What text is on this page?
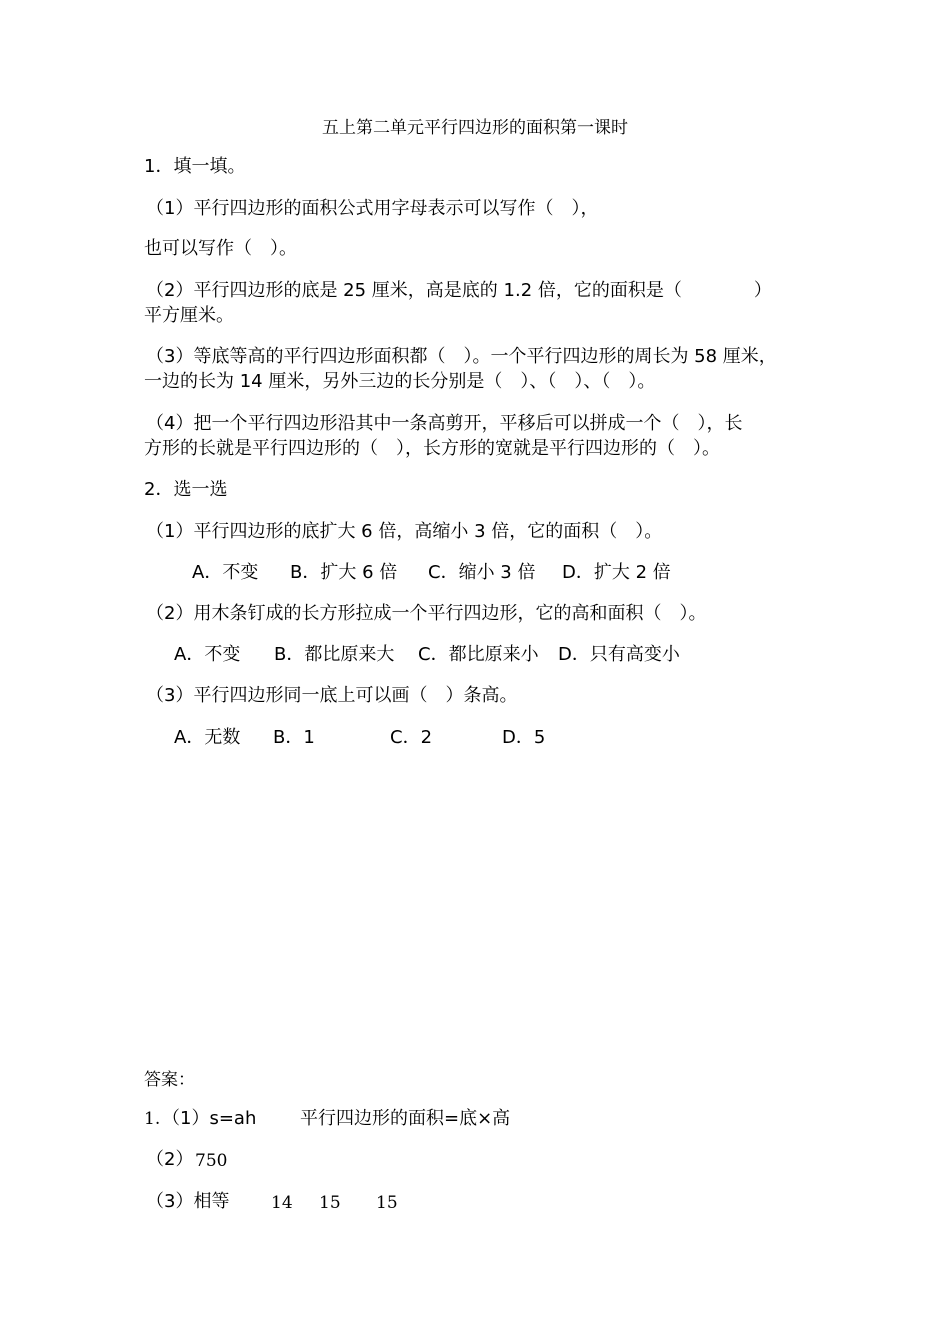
五上第二单元平行四边形的面积第一课时
1．填一填。
（1）平行四边形的面积公式用字母表示可以写作（　），
也可以写作（　）。
（2）平行四边形的底是 25 厘米，高是底的 1.2 倍，它的面积是（　　　　）
平方厘米。
（3）等底等高的平行四边形面积都（　）。一个平行四边形的周长为 58 厘米，
一边的长为 14 厘米，另外三边的长分别是（　）、（　）、（　）。
（4）把一个平行四边形沿其中一条高剪开，平移后可以拼成一个（　），长
方形的长就是平行四边形的（　），长方形的宽就是平行四边形的（　）。
2．选一选
（1）平行四边形的底扩大 6 倍，高缩小 3 倍，它的面积（　）。
A．不变 B．扩大 6 倍 C．缩小 3 倍 D．扩大 2 倍
（2）用木条钉成的长方形拉成一个平行四边形，它的高和面积（　）。
A．不变 B．都比原来大 C．都比原来小 D．只有高变小
（3）平行四边形同一底上可以画（　）条高。
A．无数 B．1	C．2	D．5
答案：
1. （1）s=ah 平行四边形的面积=底×高
（2） 750
（3）相等 14 15 15
